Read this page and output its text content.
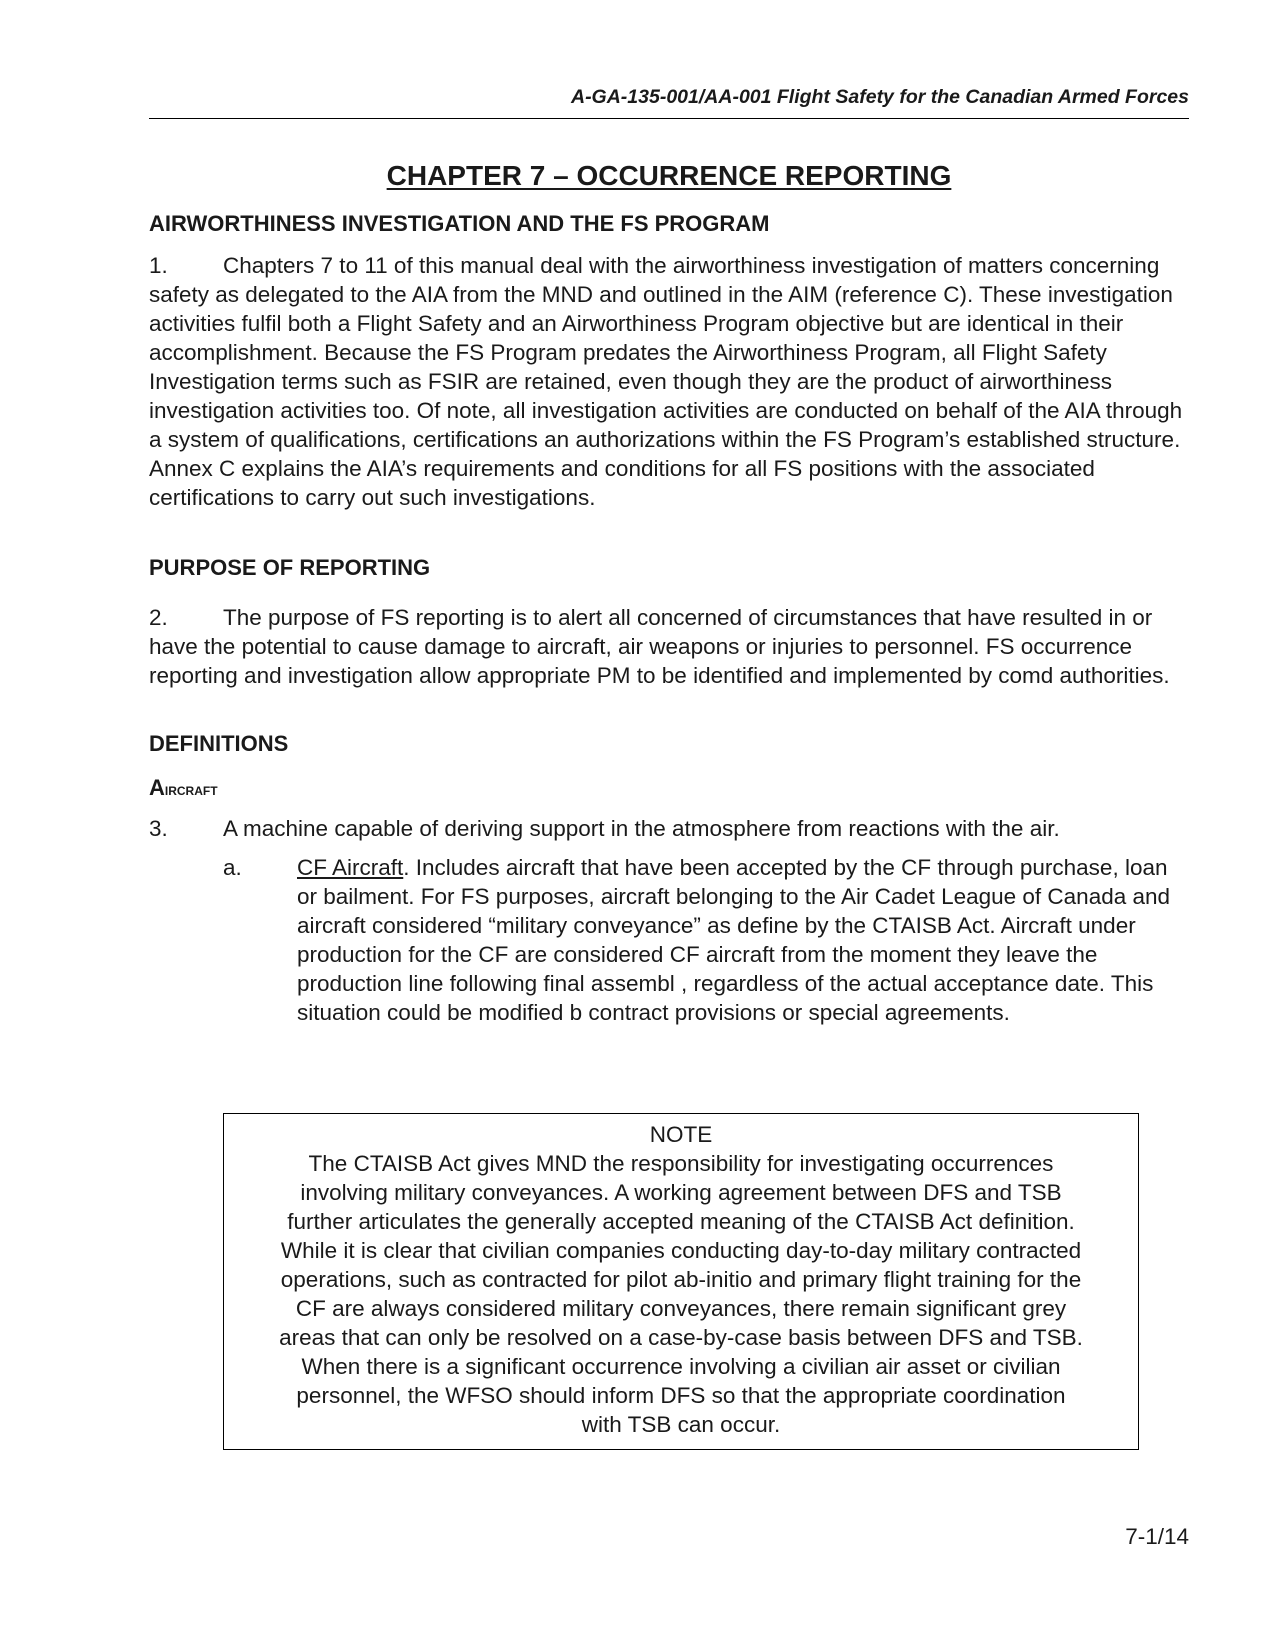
A-GA-135-001/AA-001 Flight Safety for the Canadian Armed Forces
CHAPTER 7 – OCCURRENCE REPORTING
AIRWORTHINESS INVESTIGATION AND THE FS PROGRAM

1. Chapters 7 to 11 of this manual deal with the airworthiness investigation of matters concerning safety as delegated to the AIA from the MND and outlined in the AIM (reference C). These investigation activities fulfil both a Flight Safety and an Airworthiness Program objective but are identical in their accomplishment. Because the FS Program predates the Airworthiness Program, all Flight Safety Investigation terms such as FSIR are retained, even though they are the product of airworthiness investigation activities too. Of note, all investigation activities are conducted on behalf of the AIA through a system of qualifications, certifications an authorizations within the FS Program’s established structure. Annex C explains the AIA’s requirements and conditions for all FS positions with the associated certifications to carry out such investigations.

PURPOSE OF REPORTING

2. The purpose of FS reporting is to alert all concerned of circumstances that have resulted in or have the potential to cause damage to aircraft, air weapons or injuries to personnel. FS occurrence reporting and investigation allow appropriate PM to be identified and implemented by comd authorities.

DEFINITIONS
Aircraft

3. A machine capable of deriving support in the atmosphere from reactions with the air.

a.	CF Aircraft. Includes aircraft that have been accepted by the CF through purchase, loan or bailment. For FS purposes, aircraft belonging to the Air Cadet League of Canada and aircraft considered “military conveyance” as define by the CTAISB Act. Aircraft under production for the CF are considered CF aircraft from the moment they leave the production line following final assembl , regardless of the actual acceptance date. This situation could be modified b contract provisions or special agreements.
NOTE
The CTAISB Act gives MND the responsibility for investigating occurrences involving military conveyances. A working agreement between DFS and TSB further articulates the generally accepted meaning of the CTAISB Act definition. While it is clear that civilian companies conducting day-to-day military contracted operations, such as contracted for pilot ab-initio and primary flight training for the CF are always considered military conveyances, there remain significant grey areas that can only be resolved on a case-by-case basis between DFS and TSB. When there is a significant occurrence involving a civilian air asset or civilian personnel, the WFSO should inform DFS so that the appropriate coordination with TSB can occur.
7-1/14
